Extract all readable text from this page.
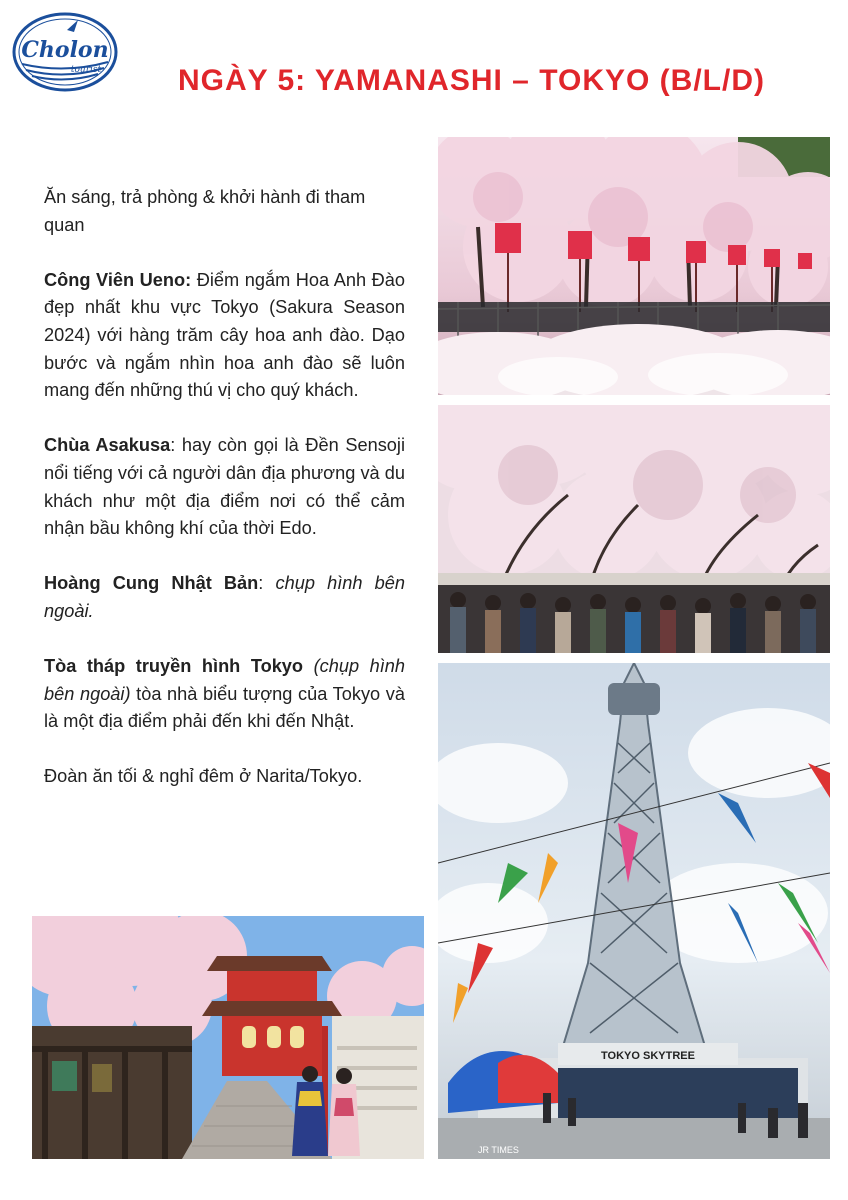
Cholon
tourist	NGÀY 5: YAMANASHI – TOKYO (B/L/D)

Ăn sáng, trả phòng & khởi hành đi tham quan

Công Viên Ueno: Điểm ngắm Hoa Anh Đào đẹp nhất khu vực Tokyo (Sakura Season 2024) với hàng trăm cây hoa anh đào. Dạo bước và ngắm nhìn hoa anh đào sẽ luôn mang đến những thú vị cho quý khách.

Chùa Asakusa: hay còn gọi là Đền Sensoji nổi tiếng với cả người dân địa phương và du khách như một địa điểm nơi có thể cảm nhận bầu không khí của thời Edo.

Hoàng Cung Nhật Bản: chụp hình bên ngoài.

Tòa tháp truyền hình Tokyo (chụp hình bên ngoài) tòa nhà biểu tượng của Tokyo và là một địa điểm phải đến khi đến Nhật.

Đoàn ăn tối & nghỉ đêm ở Narita/Tokyo.

TOKYO SKYTREE
JR TIMES
